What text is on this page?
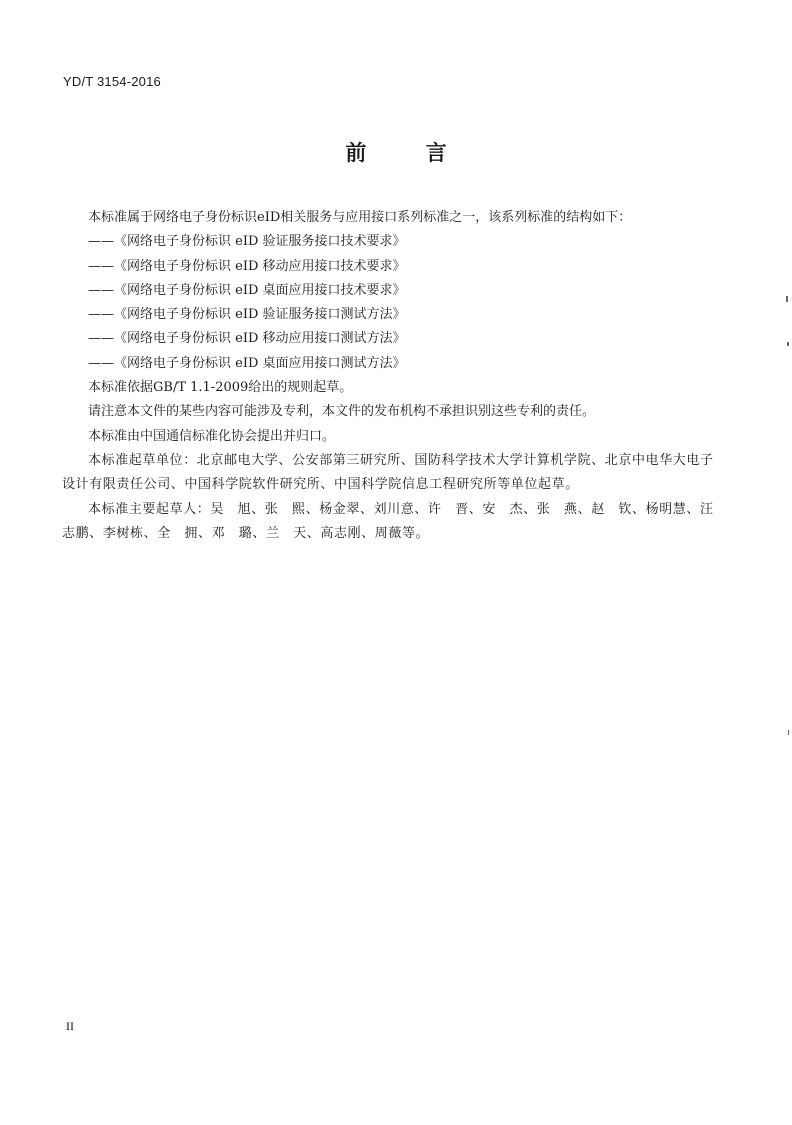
YD/T 3154-2016
前 言

本标准属于网络电子身份标识eID相关服务与应用接口系列标准之一，该系列标准的结构如下：

——《网络电子身份标识 eID 验证服务接口技术要求》

——《网络电子身份标识 eID 移动应用接口技术要求》

——《网络电子身份标识 eID 桌面应用接口技术要求》

——《网络电子身份标识 eID 验证服务接口测试方法》

——《网络电子身份标识 eID 移动应用接口测试方法》

——《网络电子身份标识 eID 桌面应用接口测试方法》

本标准依据GB/T 1.1-2009给出的规则起草。

请注意本文件的某些内容可能涉及专利，本文件的发布机构不承担识别这些专利的责任。

本标准由中国通信标准化协会提出并归口。

本标准起草单位：北京邮电大学、公安部第三研究所、国防科学技术大学计算机学院、北京中电华大电子设计有限责任公司、中国科学院软件研究所、中国科学院信息工程研究所等单位起草。

本标准主要起草人：吴　旭、张　熙、杨金翠、刘川意、许　晋、安　杰、张　燕、赵　钦、杨明慧、汪志鹏、李树栋、全　拥、邓　璐、兰　天、高志刚、周薇等。

II
